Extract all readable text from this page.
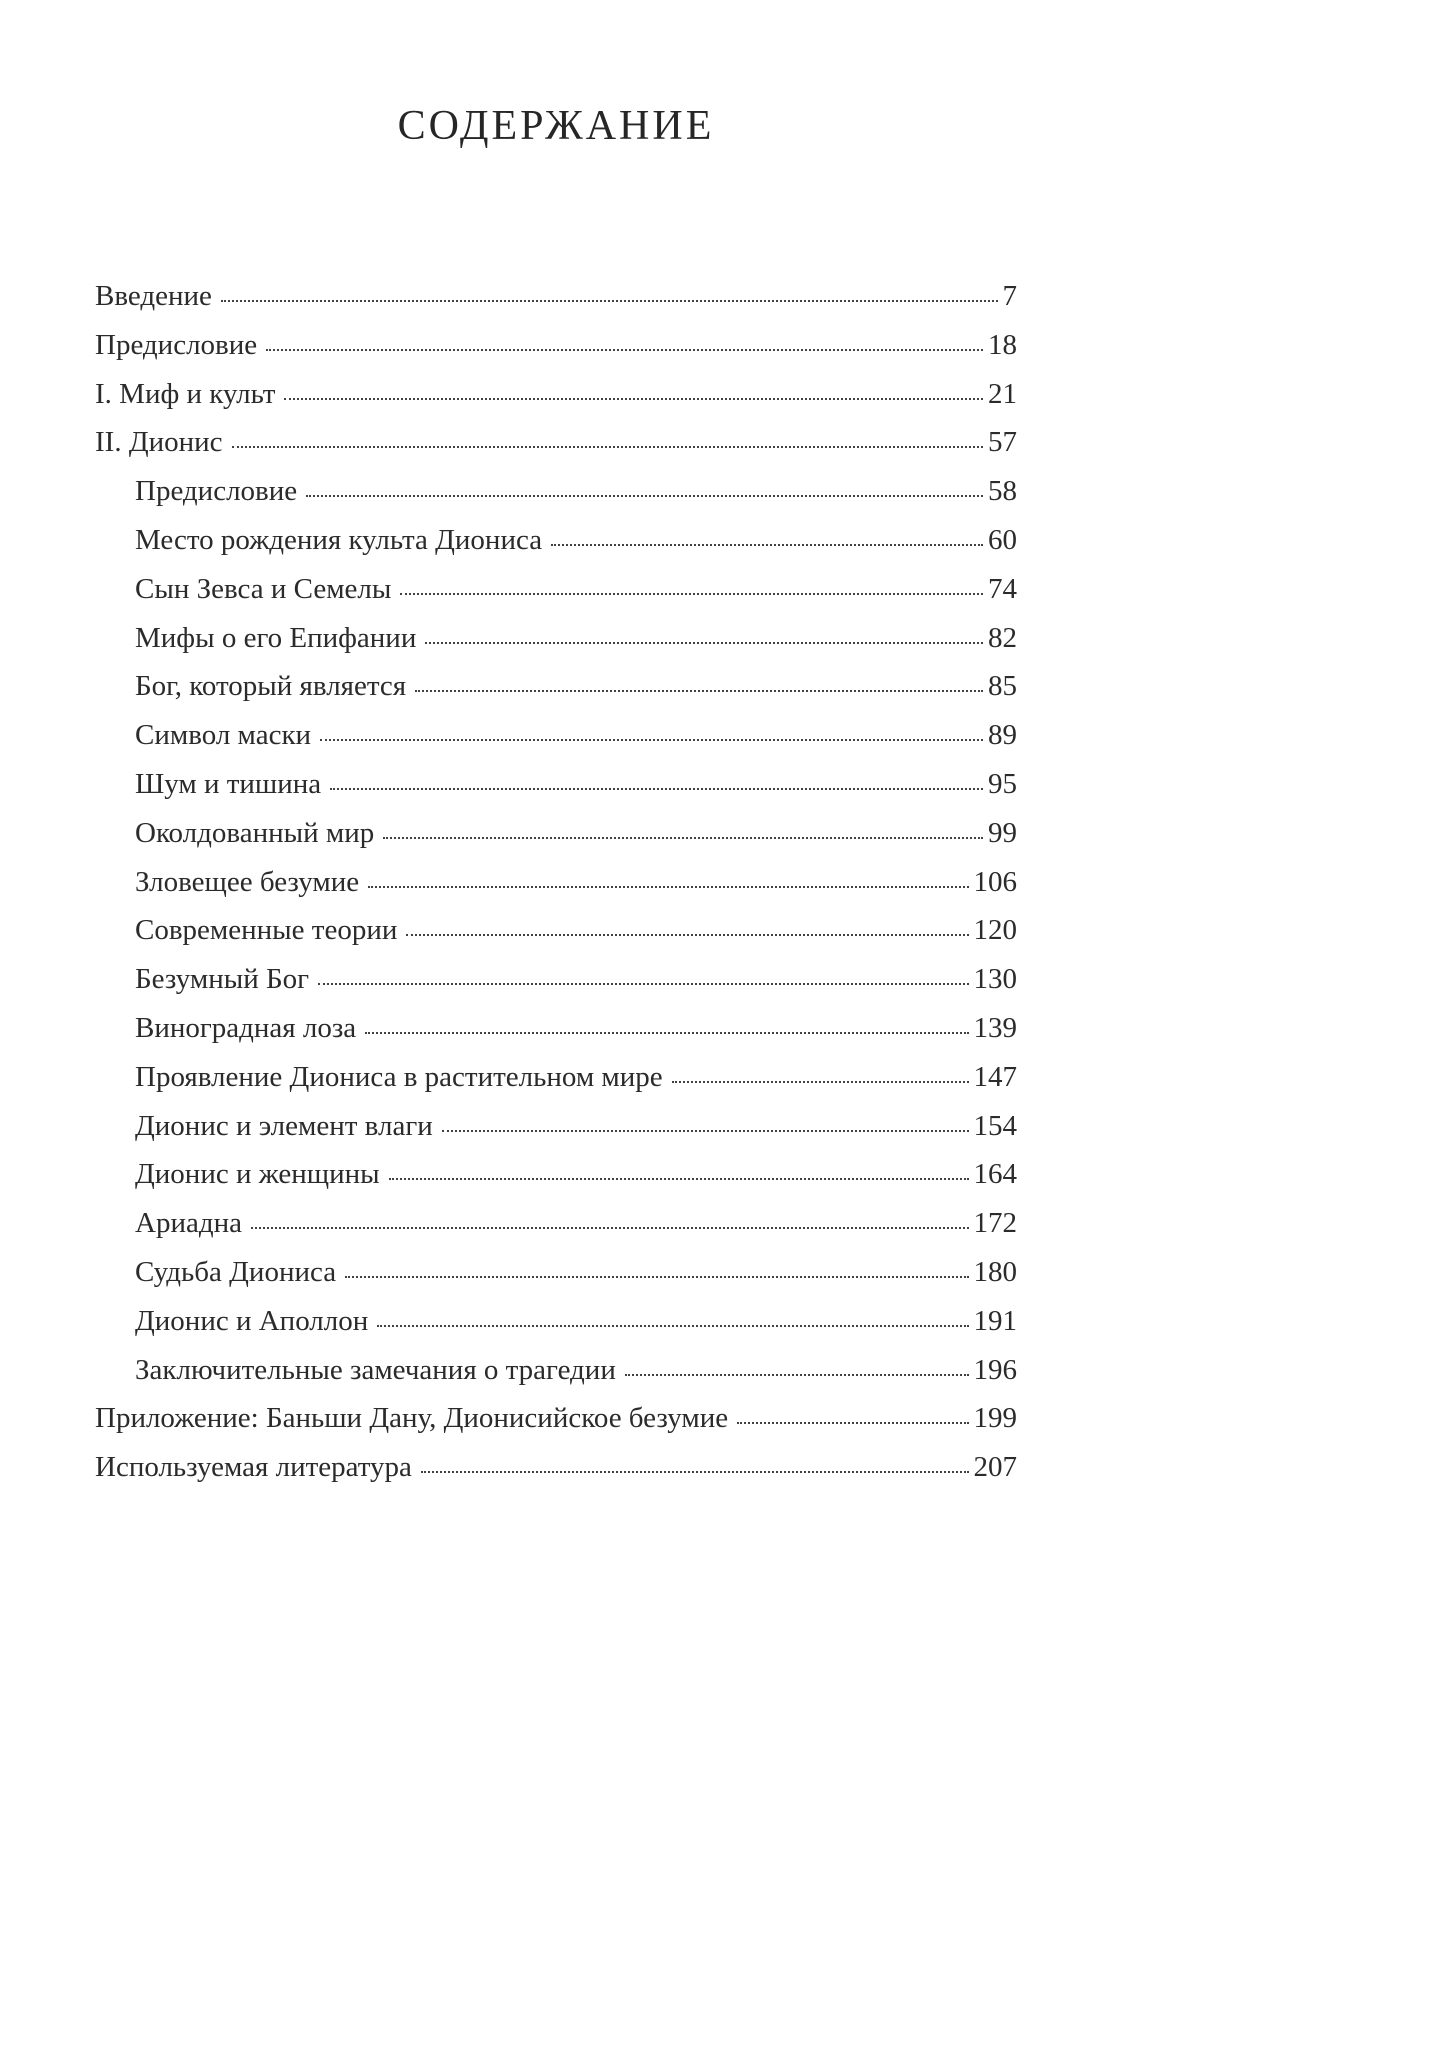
СОДЕРЖАНИЕ
Введение	7
Предисловие	18
I. Миф и культ	21
II. Дионис	57
Предисловие	58
Место рождения культа Диониса	60
Сын Зевса и Семелы	74
Мифы о его Епифании	82
Бог, который является	85
Символ маски	89
Шум и тишина	95
Околдованный мир	99
Зловещее безумие	106
Современные теории	120
Безумный Бог	130
Виноградная лоза	139
Проявление Диониса в растительном мире	147
Дионис и элемент влаги	154
Дионис и женщины	164
Ариадна	172
Судьба Диониса	180
Дионис и Аполлон	191
Заключительные замечания о трагедии	196
Приложение: Баньши Дану, Дионисийское безумие	199
Используемая литература	207
